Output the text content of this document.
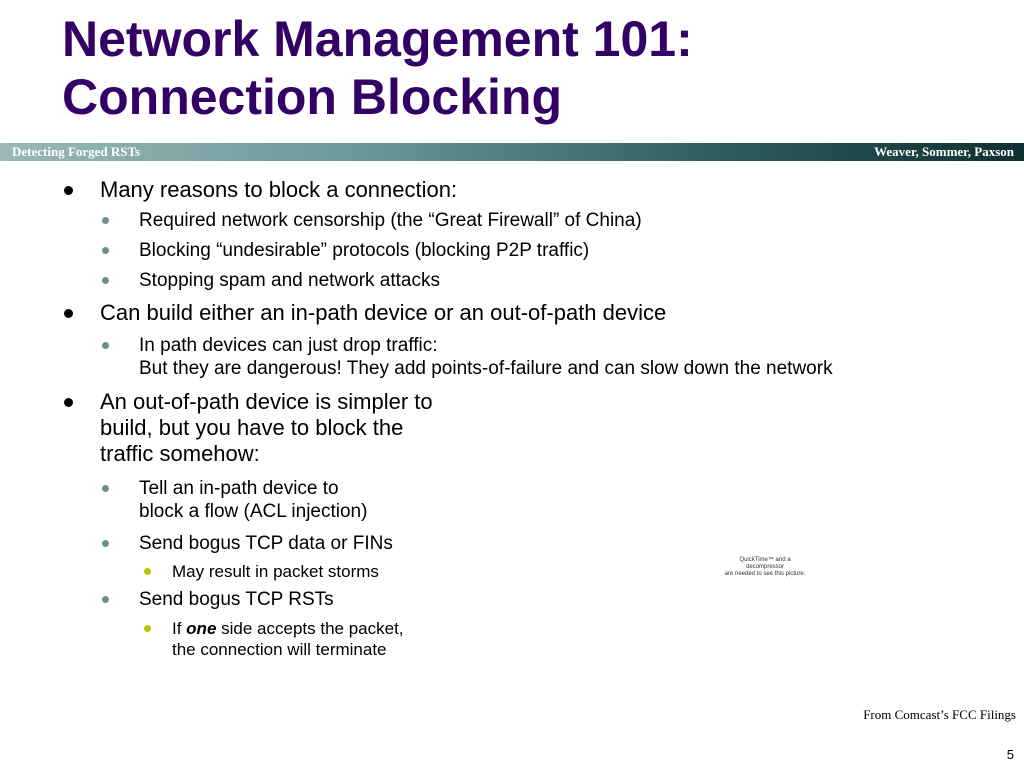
Network Management 101:
Connection Blocking
Detecting Forged RSTs	Weaver, Sommer, Paxson
Many reasons to block a connection:
Required network censorship (the “Great Firewall” of China)
Blocking “undesirable” protocols (blocking P2P traffic)
Stopping spam and network attacks
Can build either an in-path device or an out-of-path device
In path devices can just drop traffic:
But they are dangerous! They add points-of-failure and can slow down the network
An out-of-path device is simpler to
build, but you have to block the
traffic somehow:
Tell an in-path device to
block a flow (ACL injection)
Send bogus TCP data or FINs
May result in packet storms
Send bogus TCP RSTs
If one side accepts the packet,
the connection will terminate
QuickTime™ and a
decompressor
are needed to see this picture.
From Comcast’s FCC Filings
5
